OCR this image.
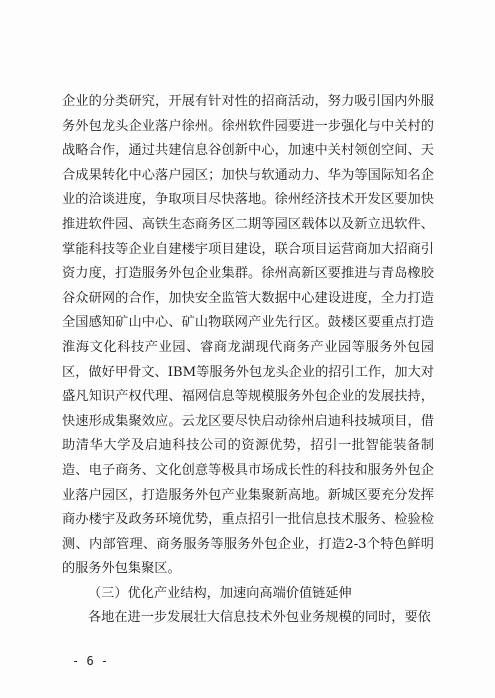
企业的分类研究，开展有针对性的招商活动，努力吸引国内外服务外包龙头企业落户徐州。徐州软件园要进一步强化与中关村的战略合作，通过共建信息谷创新中心，加速中关村领创空间、天合成果转化中心落户园区；加快与软通动力、华为等国际知名企业的洽谈进度，争取项目尽快落地。徐州经济技术开发区要加快推进软件园、高铁生态商务区二期等园区载体以及新立迅软件、掌能科技等企业自建楼宇项目建设，联合项目运营商加大招商引资力度，打造服务外包企业集群。徐州高新区要推进与青岛橡胶谷众研网的合作，加快安全监管大数据中心建设进度，全力打造全国感知矿山中心、矿山物联网产业先行区。鼓楼区要重点打造淮海文化科技产业园、睿商龙湖现代商务产业园等服务外包园区，做好甲骨文、IBM等服务外包龙头企业的招引工作，加大对盛凡知识产权代理、福网信息等规模服务外包企业的发展扶持，快速形成集聚效应。云龙区要尽快启动徐州启迪科技城项目，借助清华大学及启迪科技公司的资源优势，招引一批智能装备制造、电子商务、文化创意等极具市场成长性的科技和服务外包企业落户园区，打造服务外包产业集聚新高地。新城区要充分发挥商办楼宇及政务环境优势，重点招引一批信息技术服务、检验检测、内部管理、商务服务等服务外包企业，打造2-3个特色鲜明的服务外包集聚区。

（三）优化产业结构，加速向高端价值链延伸

各地在进一步发展壮大信息技术外包业务规模的同时，要依

- 6 -
